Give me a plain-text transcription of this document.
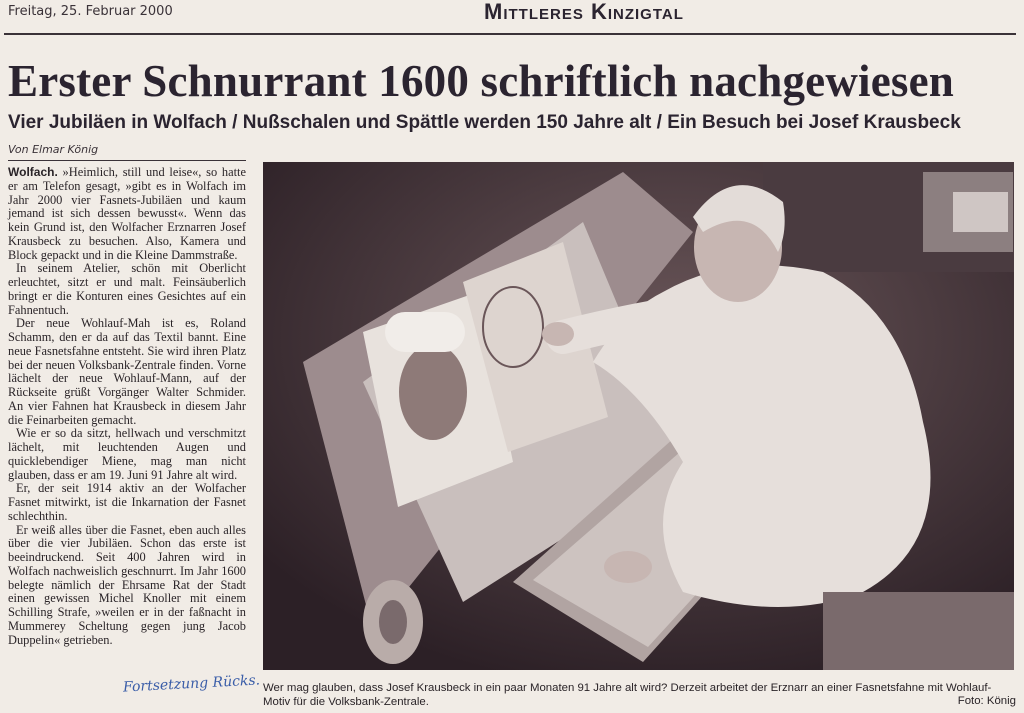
Freitag, 25. Februar 2000	Mittleres Kinzigtal
Erster Schnurrant 1600 schriftlich nachgewiesen
Vier Jubiläen in Wolfach / Nußschalen und Spättle werden 150 Jahre alt / Ein Besuch bei Josef Krausbeck
Von Elmar König

Wolfach. »Heimlich, still und leise«, so hatte er am Telefon gesagt, »gibt es in Wolfach im Jahr 2000 vier Fasnets-Jubiläen und kaum jemand ist sich dessen bewusst«. Wenn das kein Grund ist, den Wolfacher Erznarren Josef Krausbeck zu besuchen. Also, Kamera und Block gepackt und in die Kleine Dammstraße.

In seinem Atelier, schön mit Oberlicht erleuchtet, sitzt er und malt. Feinsäuberlich bringt er die Konturen eines Gesichtes auf ein Fahnentuch.

Der neue Wohlauf-Mah ist es, Roland Schamm, den er da auf das Textil bannt. Eine neue Fasnetsfahne entsteht. Sie wird ihren Platz bei der neuen Volksbank-Zentrale finden. Vorne lächelt der neue Wohlauf-Mann, auf der Rückseite grüßt Vorgänger Walter Schmider. An vier Fahnen hat Krausbeck in diesem Jahr die Feinarbeiten gemacht.

Wie er so da sitzt, hellwach und verschmitzt lächelt, mit leuchtenden Augen und quicklebendiger Miene, mag man nicht glauben, dass er am 19. Juni 91 Jahre alt wird.

Er, der seit 1914 aktiv an der Wolfacher Fasnet mitwirkt, ist die Inkarnation der Fasnet schlechthin.

Er weiß alles über die Fasnet, eben auch alles über die vier Jubiläen. Schon das erste ist beeindruckend. Seit 400 Jahren wird in Wolfach nachweislich geschnurrt. Im Jahr 1600 belegte nämlich der Ehrsame Rat der Stadt einen gewissen Michel Knoller mit einem Schilling Strafe, »weilen er in der faßnacht in Mummerey Scheltung gegen jung Jacob Duppelin« getrieben.

Fortsetzung Rücks. Wer mag glauben, dass Josef Krausbeck in ein paar Monaten 91 Jahre alt wird? Derzeit arbeitet der Erznarr an einer Fasnetsfahne mit Wohlauf-Motiv für die Volksbank-Zentrale.	Foto: König
